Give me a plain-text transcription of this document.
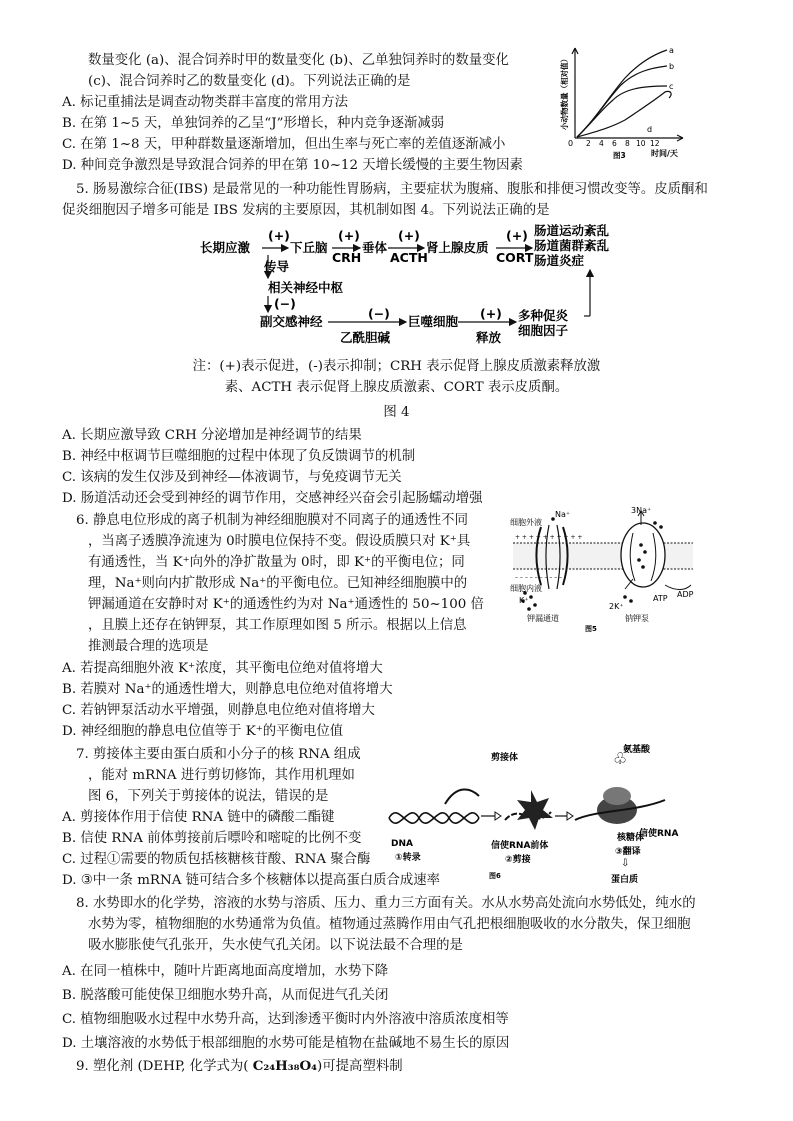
数量变化 (a)、混合饲养时甲的数量变化 (b)、乙单独饲养时的数量变化
(c)、混合饲养时乙的数量变化 (d)。下列说法正确的是
A. 标记重捕法是调查动物类群丰富度的常用方法
B. 在第 1~5 天，单独饲养的乙呈“J”形增长，种内竞争逐渐减弱
C. 在第 1~8 天，甲种群数量逐渐增加，但出生率与死亡率的差值逐渐减小
D. 种间竞争激烈是导致混合饲养的甲在第 10~12 天增长缓慢的主要生物因素
a
b
c
d
0 2 4 6 8 10 12
时间/天
图3
小动物数量（相对值）
5. 肠易激综合征(IBS) 是最常见的一种功能性胃肠病，主要症状为腹痛、腹胀和排便习惯改变等。皮质酮和
促炎细胞因子增多可能是 IBS 发病的主要原因，其机制如图 4。下列说法正确的是
长期应激
(+)
下丘脑
(+)
CRH
垂体
(+)
ACTH
肾上腺皮质
(+)
CORT
肠道运动紊乱
肠道菌群紊乱
肠道炎症
传导
相关神经中枢
(−)
副交感神经
(−)
乙酰胆碱
巨噬细胞
(+)
释放
多种促炎
细胞因子
注：(+)表示促进，(-)表示抑制；CRH 表示促肾上腺皮质激素释放激
素、ACTH 表示促肾上腺皮质激素、CORT 表示皮质酮。
图 4
A. 长期应激导致 CRH 分泌增加是神经调节的结果
B. 神经中枢调节巨噬细胞的过程中体现了负反馈调节的机制
C. 该病的发生仅涉及到神经—体液调节，与免疫调节无关
D. 肠道活动还会受到神经的调节作用，交感神经兴奋会引起肠蠕动增强
6. 静息电位形成的离子机制为神经细胞膜对不同离子的通透性不同
，当离子透膜净流速为 0时膜电位保持不变。假设质膜只对 K⁺具
有通透性，当 K⁺向外的净扩散量为 0时，即 K⁺的平衡电位；同
理，Na⁺则向内扩散形成 Na⁺的平衡电位。已知神经细胞膜中的
钾漏通道在安静时对 K⁺的通透性约为对 Na⁺通透性的 50~100 倍
，且膜上还存在钠钾泵，其工作原理如图 5 所示。根据以上信息
推测最合理的选项是
A. 若提高细胞外液 K⁺浓度，其平衡电位绝对值将增大
B. 若膜对 Na⁺的通透性增大，则静息电位绝对值将增大
C. 若钠钾泵活动水平增强，则静息电位绝对值将增大
D. 神经细胞的静息电位值等于 K⁺的平衡电位值
+ + + + + + + + + +
– – – – – – – – – –
细胞外液
细胞内液
Na⁺
K⁺
3Na⁺
2K⁺
ATP ADP
钾漏通道	钠钾泵
图5
7. 剪接体主要由蛋白质和小分子的核 RNA 组成
，能对 mRNA 进行剪切修饰，其作用机理如
图 6，下列关于剪接体的说法，错误的是
A. 剪接体作用于信使 RNA 链中的磷酸二酯键
B. 信使 RNA 前体剪接前后嘌呤和嘧啶的比例不变
C. 过程①需要的物质包括核糖核苷酸、RNA 聚合酶
D. ③中一条 mRNA 链可结合多个核糖体以提高蛋白质合成速率
♧
剪接体
氨基酸
DNA	信使RNA前体
核糖体
信使RNA
①转录	②剪接
③翻译
⇩
蛋白质
图6
8. 水势即水的化学势，溶液的水势与溶质、压力、重力三方面有关。水从水势高处流向水势低处，纯水的
水势为零，植物细胞的水势通常为负值。植物通过蒸腾作用由气孔把根细胞吸收的水分散失，保卫细胞
吸水膨胀使气孔张开，失水使气孔关闭。以下说法最不合理的是
A. 在同一植株中，随叶片距离地面高度增加，水势下降
B. 脱落酸可能使保卫细胞水势升高，从而促进气孔关闭
C. 植物细胞吸水过程中水势升高，达到渗透平衡时内外溶液中溶质浓度相等
D. 土壤溶液的水势低于根部细胞的水势可能是植物在盐碱地不易生长的原因
9. 塑化剂 (DEHP, 化学式为( C₂₄H₃₈O₄)可提高塑料制
